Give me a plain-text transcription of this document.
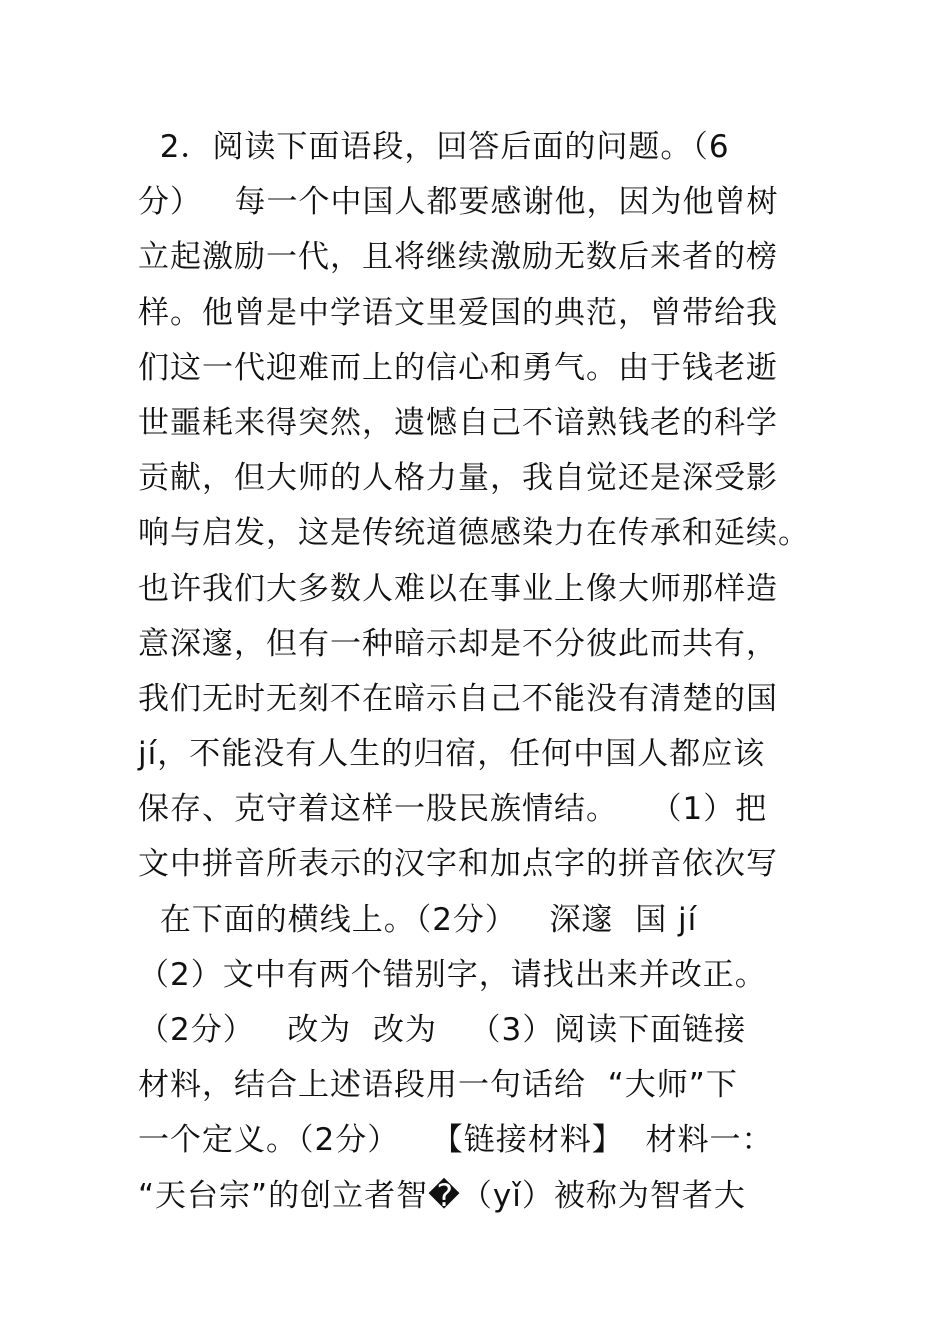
2．阅读下面语段，回答后面的问题。（6
分）   每一个中国人都要感谢他，因为他曾树
立起激励一代，且将继续激励无数后来者的榜
样。他曾是中学语文里爱国的典范，曾带给我
们这一代迎难而上的信心和勇气。由于钱老逝
世噩耗来得突然，遗憾自己不谙熟钱老的科学
贡献，但大师的人格力量，我自觉还是深受影
响与启发，这是传统道德感染力在传承和延续。
也许我们大多数人难以在事业上像大师那样造
意深邃，但有一种暗示却是不分彼此而共有，
我们无时无刻不在暗示自己不能没有清楚的国
jí，不能没有人生的归宿，任何中国人都应该
保存、克守着这样一股民族情结。   （1）把
文中拼音所表示的汉字和加点字的拼音依次写
在下面的横线上。（2分）   深邃  国 jí
（2）文中有两个错别字，请找出来并改正。
（2分）   改为  改为   （3）阅读下面链接
材料，结合上述语段用一句话给  “大师”下
一个定义。（2分）   【链接材料】  材料一：
“天台宗”的创立者智�（yǐ）被称为智者大
